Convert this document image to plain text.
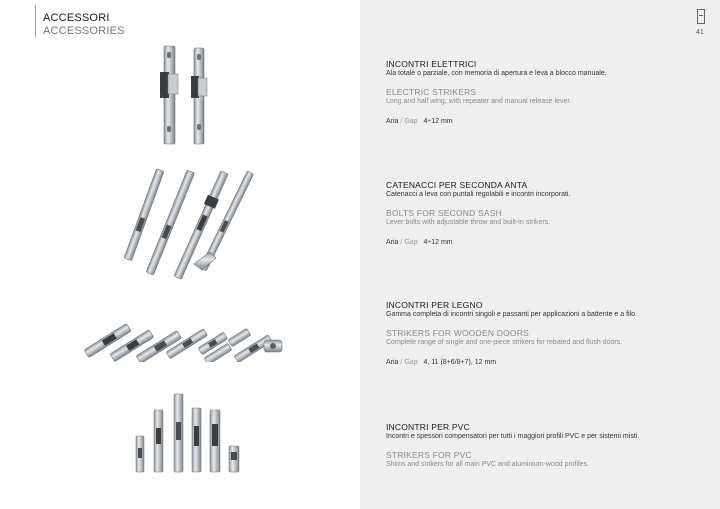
ACCESSORI
ACCESSORIES	41
INCONTRI ELETTRICI
Ala totale o parziale, con memoria di apertura e leva a blocco manuale.
ELECTRIC STRIKERS
Long and half wing, with repeater and manual release lever.
Aria / Gap 4÷12 mm
CATENACCI PER SECONDA ANTA
Catenacci a leva con puntali regolabili e incontri incorporati.
BOLTS FOR SECOND SASH
Lever bolts with adjustable throw and built-in strikers.
Aria / Gap 4÷12 mm
INCONTRI PER LEGNO
Gamma completa di incontri singoli e passanti per applicazioni a battente e a filo.
STRIKERS FOR WOODEN DOORS
Complete range of single and one-piece strikers for rebated and flush doors.
Aria / Gap 4, 11 (8+6/8+7), 12 mm
INCONTRI PER PVC
Incontri e spessori compensatori per tutti i maggiori profili PVC e per sistemi misti.
STRIKERS FOR PVC
Shims and strikers for all main PVC and aluminium-wood profiles.
